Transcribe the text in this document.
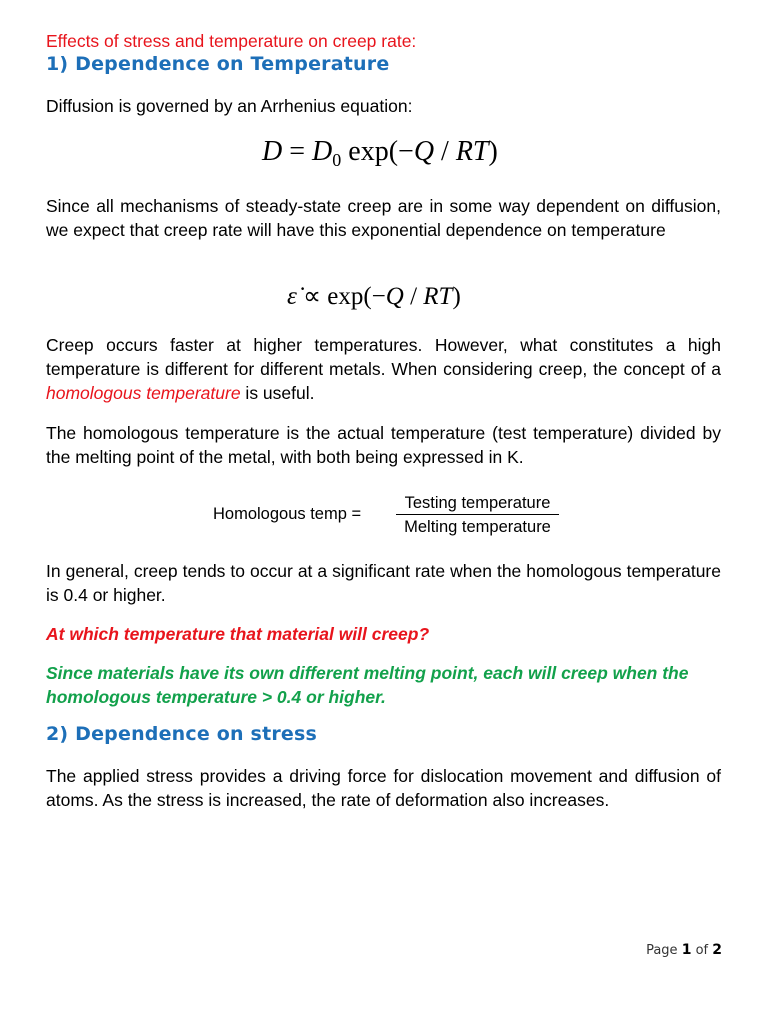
Effects of stress and temperature on creep rate:
1) Dependence on Temperature

Diffusion is governed by an Arrhenius equation:

$D = D_0$ exp(−Q / RT)

Since all mechanisms of steady-state creep are in some way dependent on diffusion, we expect that creep rate will have this exponential dependence on temperature

ε̇ ∝ exp(−Q / RT)

Creep occurs faster at higher temperatures. However, what constitutes a high temperature is different for different metals. When considering creep, the concept of a homologous temperature is useful.

The homologous temperature is the actual temperature (test temperature) divided by the melting point of the metal, with both being expressed in K.

Homologous temp =
Testing temperature
Melting temperature

In general, creep tends to occur at a significant rate when the homologous temperature is 0.4 or higher.

At which temperature that material will creep?
Since materials have its own different melting point, each will creep when the homologous temperature > 0.4 or higher.
2) Dependence on stress

The applied stress provides a driving force for dislocation movement and diffusion of atoms. As the stress is increased, the rate of deformation also increases.

Page 1 of 2
